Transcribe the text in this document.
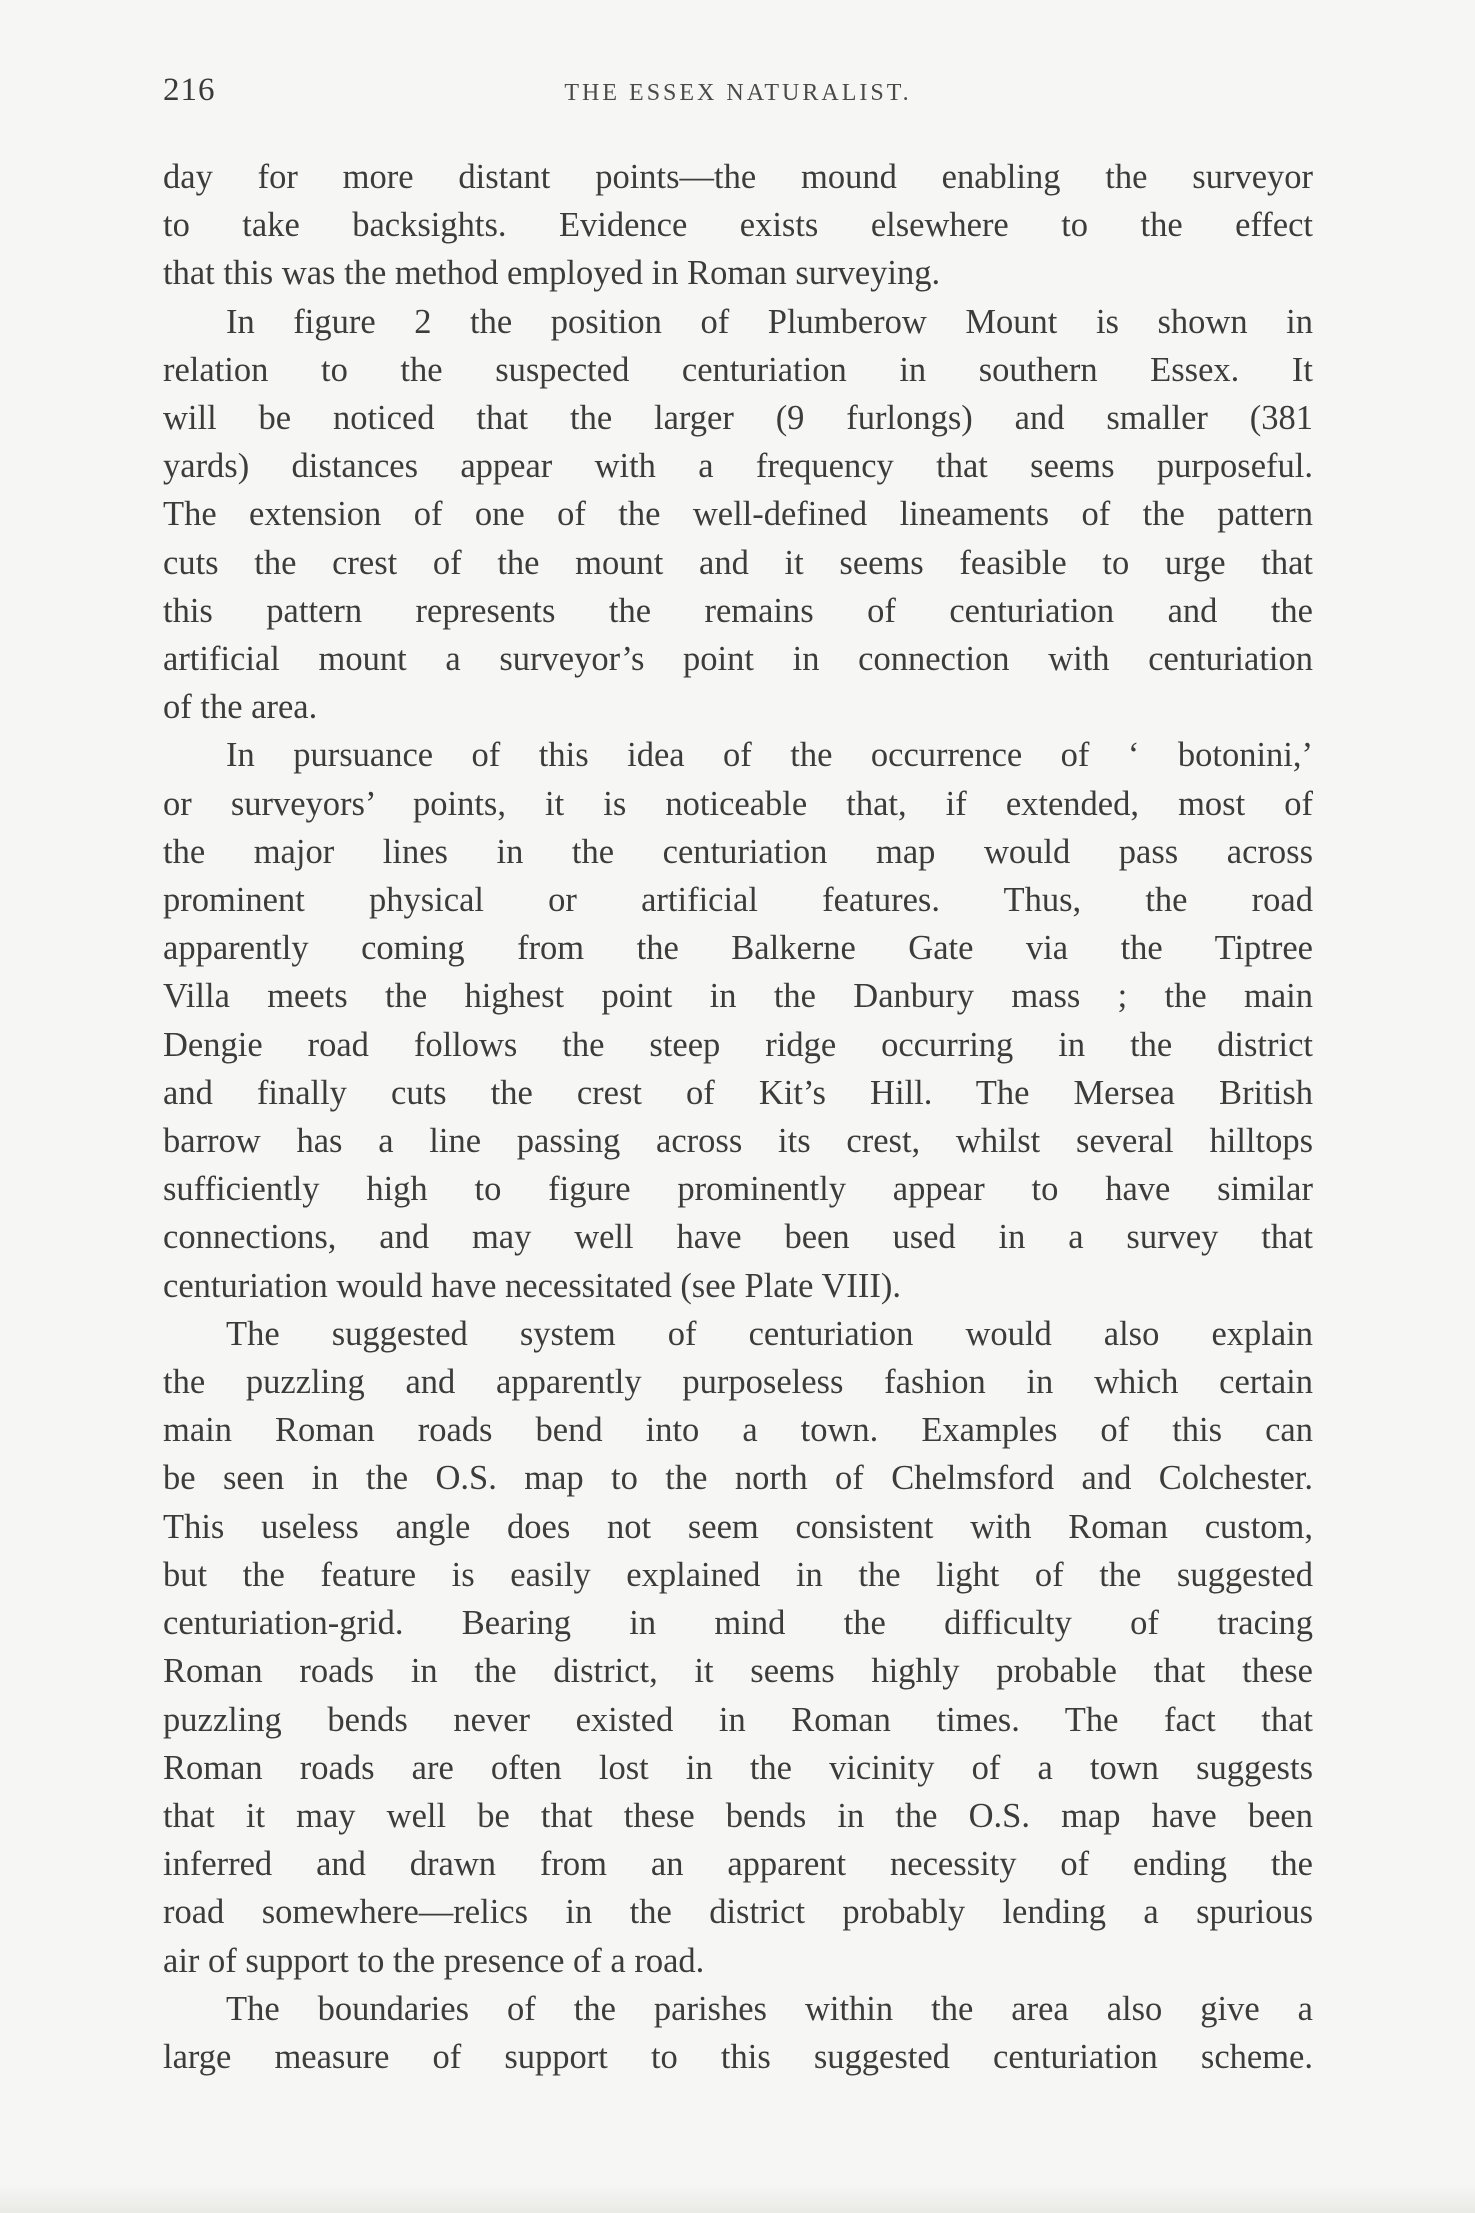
216	THE ESSEX NATURALIST.
day for more distant points—the mound enabling the surveyor
to take backsights. Evidence exists elsewhere to the effect
that this was the method employed in Roman surveying.
In figure 2 the position of Plumberow Mount is shown in
relation to the suspected centuriation in southern Essex. It
will be noticed that the larger (9 furlongs) and smaller (381
yards) distances appear with a frequency that seems purposeful.
The extension of one of the well-defined lineaments of the pattern
cuts the crest of the mount and it seems feasible to urge that
this pattern represents the remains of centuriation and the
artificial mount a surveyor’s point in connection with centuriation
of the area.
In pursuance of this idea of the occurrence of ‘ botonini,’
or surveyors’ points, it is noticeable that, if extended, most of
the major lines in the centuriation map would pass across
prominent physical or artificial features. Thus, the road
apparently coming from the Balkerne Gate via the Tiptree
Villa meets the highest point in the Danbury mass ; the main
Dengie road follows the steep ridge occurring in the district
and finally cuts the crest of Kit’s Hill. The Mersea British
barrow has a line passing across its crest, whilst several hilltops
sufficiently high to figure prominently appear to have similar
connections, and may well have been used in a survey that
centuriation would have necessitated (see Plate VIII).
The suggested system of centuriation would also explain
the puzzling and apparently purposeless fashion in which certain
main Roman roads bend into a town. Examples of this can
be seen in the O.S. map to the north of Chelmsford and Colchester.
This useless angle does not seem consistent with Roman custom,
but the feature is easily explained in the light of the suggested
centuriation-grid. Bearing in mind the difficulty of tracing
Roman roads in the district, it seems highly probable that these
puzzling bends never existed in Roman times. The fact that
Roman roads are often lost in the vicinity of a town suggests
that it may well be that these bends in the O.S. map have been
inferred and drawn from an apparent necessity of ending the
road somewhere—relics in the district probably lending a spurious
air of support to the presence of a road.
The boundaries of the parishes within the area also give a
large measure of support to this suggested centuriation scheme.
